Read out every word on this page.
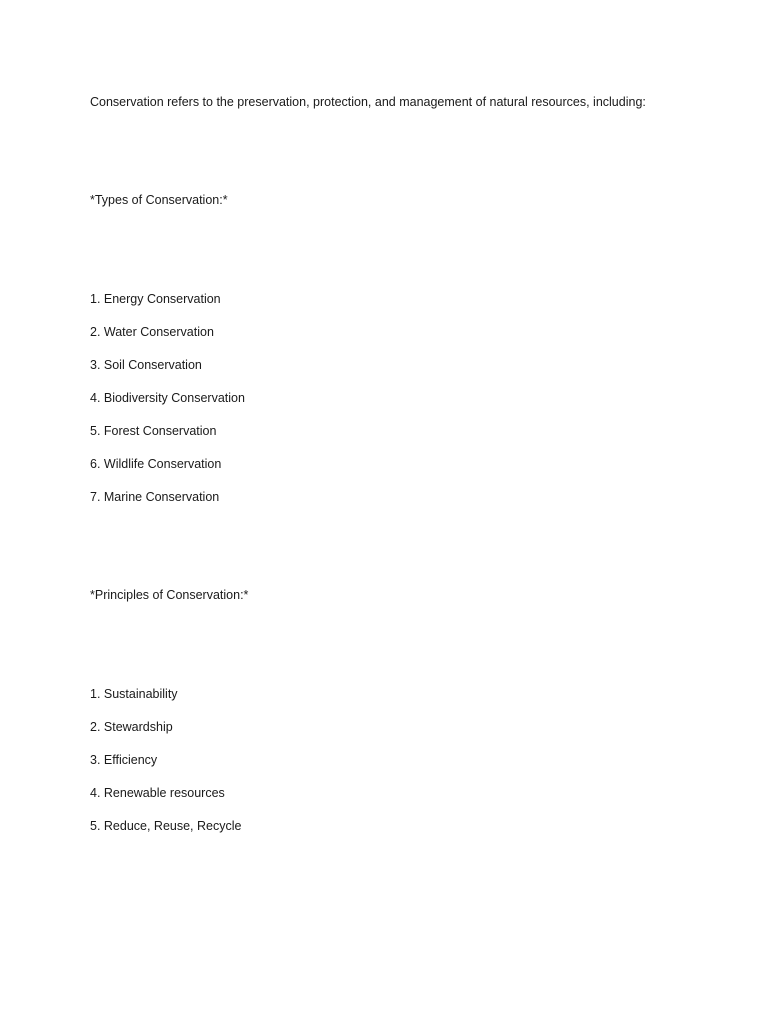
Conservation refers to the preservation, protection, and management of natural resources, including:
*Types of Conservation:*
1. Energy Conservation
2. Water Conservation
3. Soil Conservation
4. Biodiversity Conservation
5. Forest Conservation
6. Wildlife Conservation
7. Marine Conservation
*Principles of Conservation:*
1. Sustainability
2. Stewardship
3. Efficiency
4. Renewable resources
5. Reduce, Reuse, Recycle
